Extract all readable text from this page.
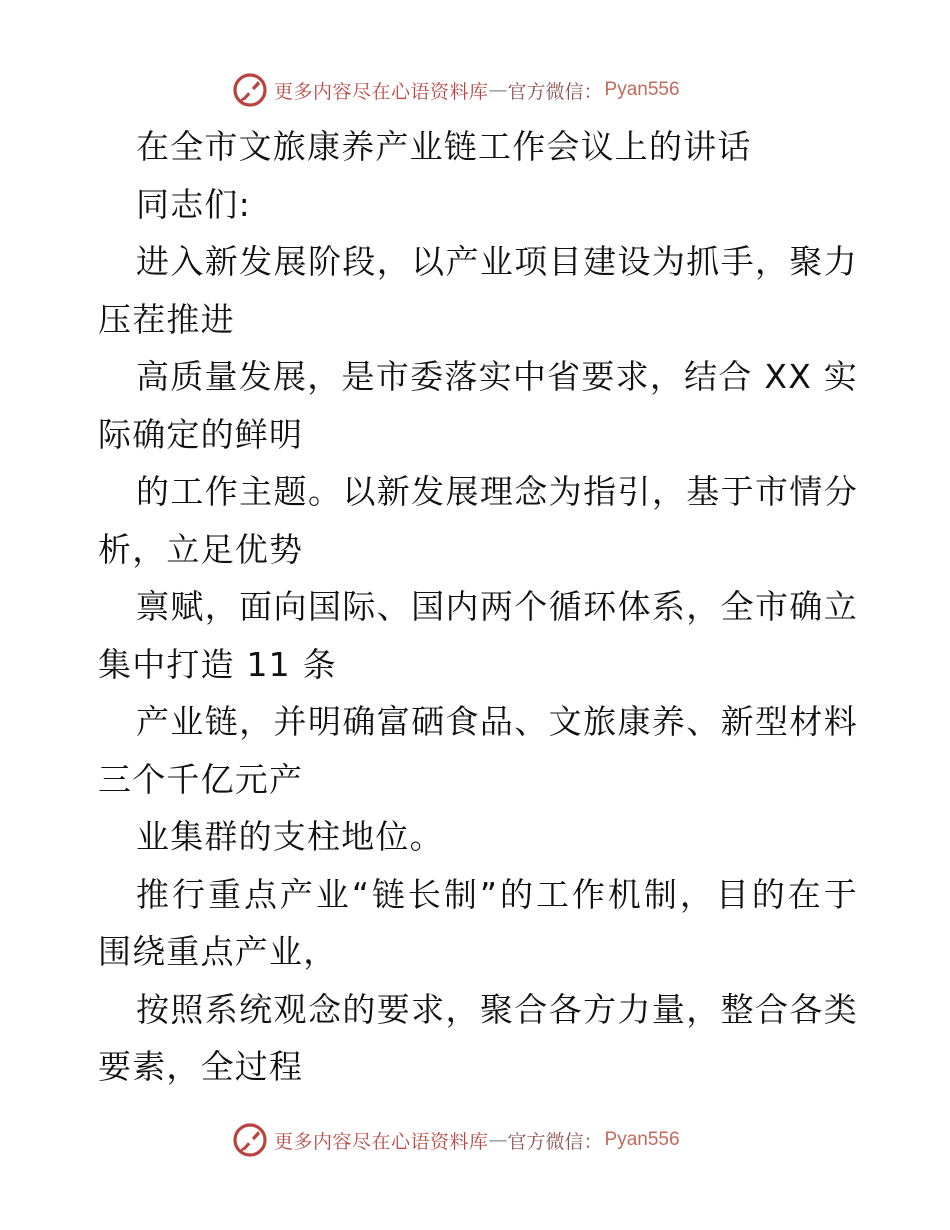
更多内容尽在心语资料库 — 官方微信： Pyan556

在全市文旅康养产业链工作会议上的讲话

同志们:

进入新发展阶段，以产业项目建设为抓手，聚力

压茬推进

高质量发展，是市委落实中省要求，结合 XX 实

际确定的鲜明

的工作主题。以新发展理念为指引，基于市情分

析，立足优势

禀赋，面向国际、国内两个循环体系，全市确立

集中打造 11 条

产业链，并明确富硒食品、文旅康养、新型材料

三个千亿元产

业集群的支柱地位。

推行重点产业“链长制”的工作机制，目的在于

围绕重点产业，

按照系统观念的要求，聚合各方力量，整合各类

要素，全过程

更多内容尽在心语资料库 — 官方微信： Pyan556
